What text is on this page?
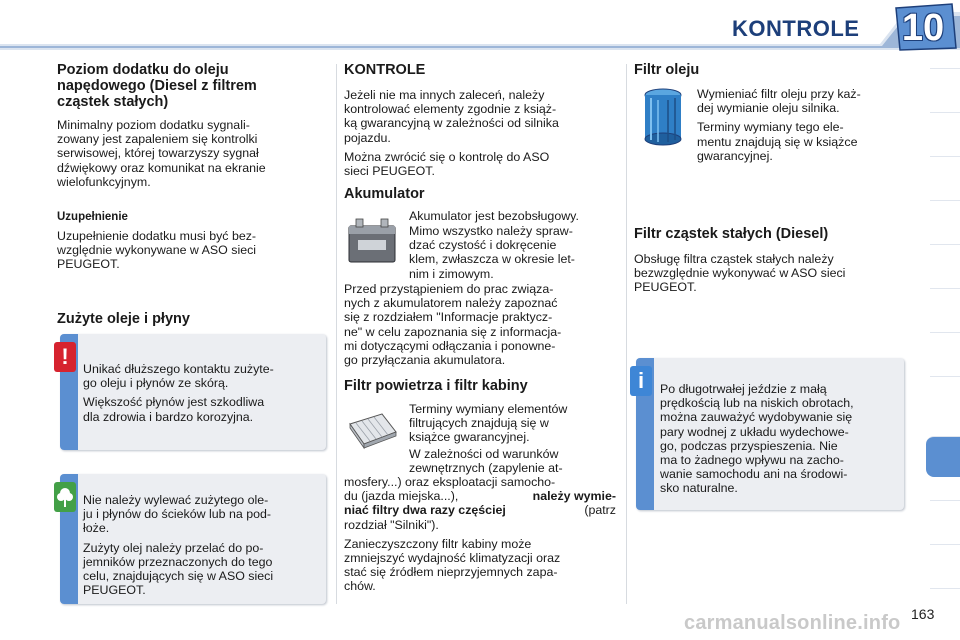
KONTROLE 10
Poziom dodatku do oleju
napędowego (Diesel z filtrem
cząstek stałych)
Minimalny poziom dodatku sygnali-
zowany jest zapaleniem się kontrolki
serwisowej, której towarzyszy sygnał
dźwiękowy oraz komunikat na ekranie
wielofunkcyjnym.
Uzupełnienie
Uzupełnienie dodatku musi być bez-
względnie wykonywane w ASO sieci
PEUGEOT.
Zużyte oleje i płyny
!	Unikać dłuższego kontaktu zużyte-
go oleju i płynów ze skórą.
Większość płynów jest szkodliwa
dla zdrowia i bardzo korozyjna.
Nie należy wylewać zużytego ole-
ju i płynów do ścieków lub na pod-
łoże.
Zużyty olej należy przelać do po-
jemników przeznaczonych do tego
celu, znajdujących się w ASO sieci
PEUGEOT.
KONTROLE
Jeżeli nie ma innych zaleceń, należy
kontrolować elementy zgodnie z książ-
ką gwarancyjną w zależności od silnika
pojazdu.
Można zwrócić się o kontrolę do ASO
sieci PEUGEOT.
Akumulator
Akumulator jest bezobsługowy.
Mimo wszystko należy spraw-
dzać czystość i dokręcenie
klem, zwłaszcza w okresie let-
nim i zimowym.
Przed przystąpieniem do prac związa-
nych z akumulatorem należy zapoznać
się z rozdziałem "Informacje praktycz-
ne" w celu zapoznania się z informacja-
mi dotyczącymi odłączania i ponowne-
go przyłączania akumulatora.
Filtr powietrza i filtr kabiny
Terminy wymiany elementów
filtrujących znajdują się w
książce gwarancyjnej.
W zależności od warunków
zewnętrznych (zapylenie at-
mosfery...) oraz eksploatacji samocho-
du (jazda miejska...),	należy wymie-
niać filtry dwa razy częściej	(patrz
rozdział "Silniki").
Zanieczyszczony filtr kabiny może
zmniejszyć wydajność klimatyzacji oraz
stać się źródłem nieprzyjemnych zapa-
chów.
Filtr oleju
Wymieniać filtr oleju przy każ-
dej wymianie oleju silnika.
Terminy wymiany tego ele-
mentu znajdują się w książce
gwarancyjnej.
Filtr cząstek stałych (Diesel)
Obsługę filtra cząstek stałych należy
bezwzględnie wykonywać w ASO sieci
PEUGEOT.
i	Po długotrwałej jeździe z małą
prędkością lub na niskich obrotach,
można zauważyć wydobywanie się
pary wodnej z układu wydechowe-
go, podczas przyspieszenia. Nie
ma to żadnego wpływu na zacho-
wanie samochodu ani na środowi-
sko naturalne.
carmanualsonline.info 163
